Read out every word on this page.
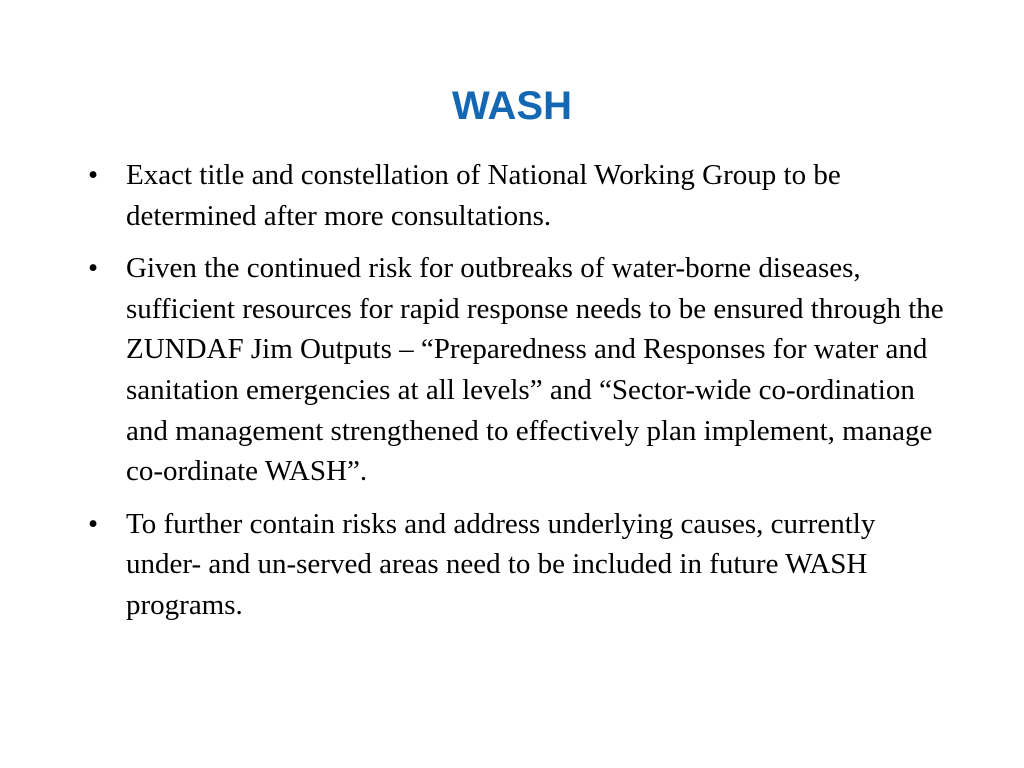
WASH
• Exact title and constellation of National Working Group to be determined after more consultations.
• Given the continued risk for outbreaks of water-borne diseases, sufficient resources for rapid response needs to be ensured through the ZUNDAF Jim Outputs – “Preparedness and Responses for water and sanitation emergencies at all levels” and “Sector-wide co-ordination and management strengthened to effectively plan implement, manage co-ordinate WASH”.
• To further contain risks and address underlying causes, currently under- and un-served areas need to be included in future WASH programs.
